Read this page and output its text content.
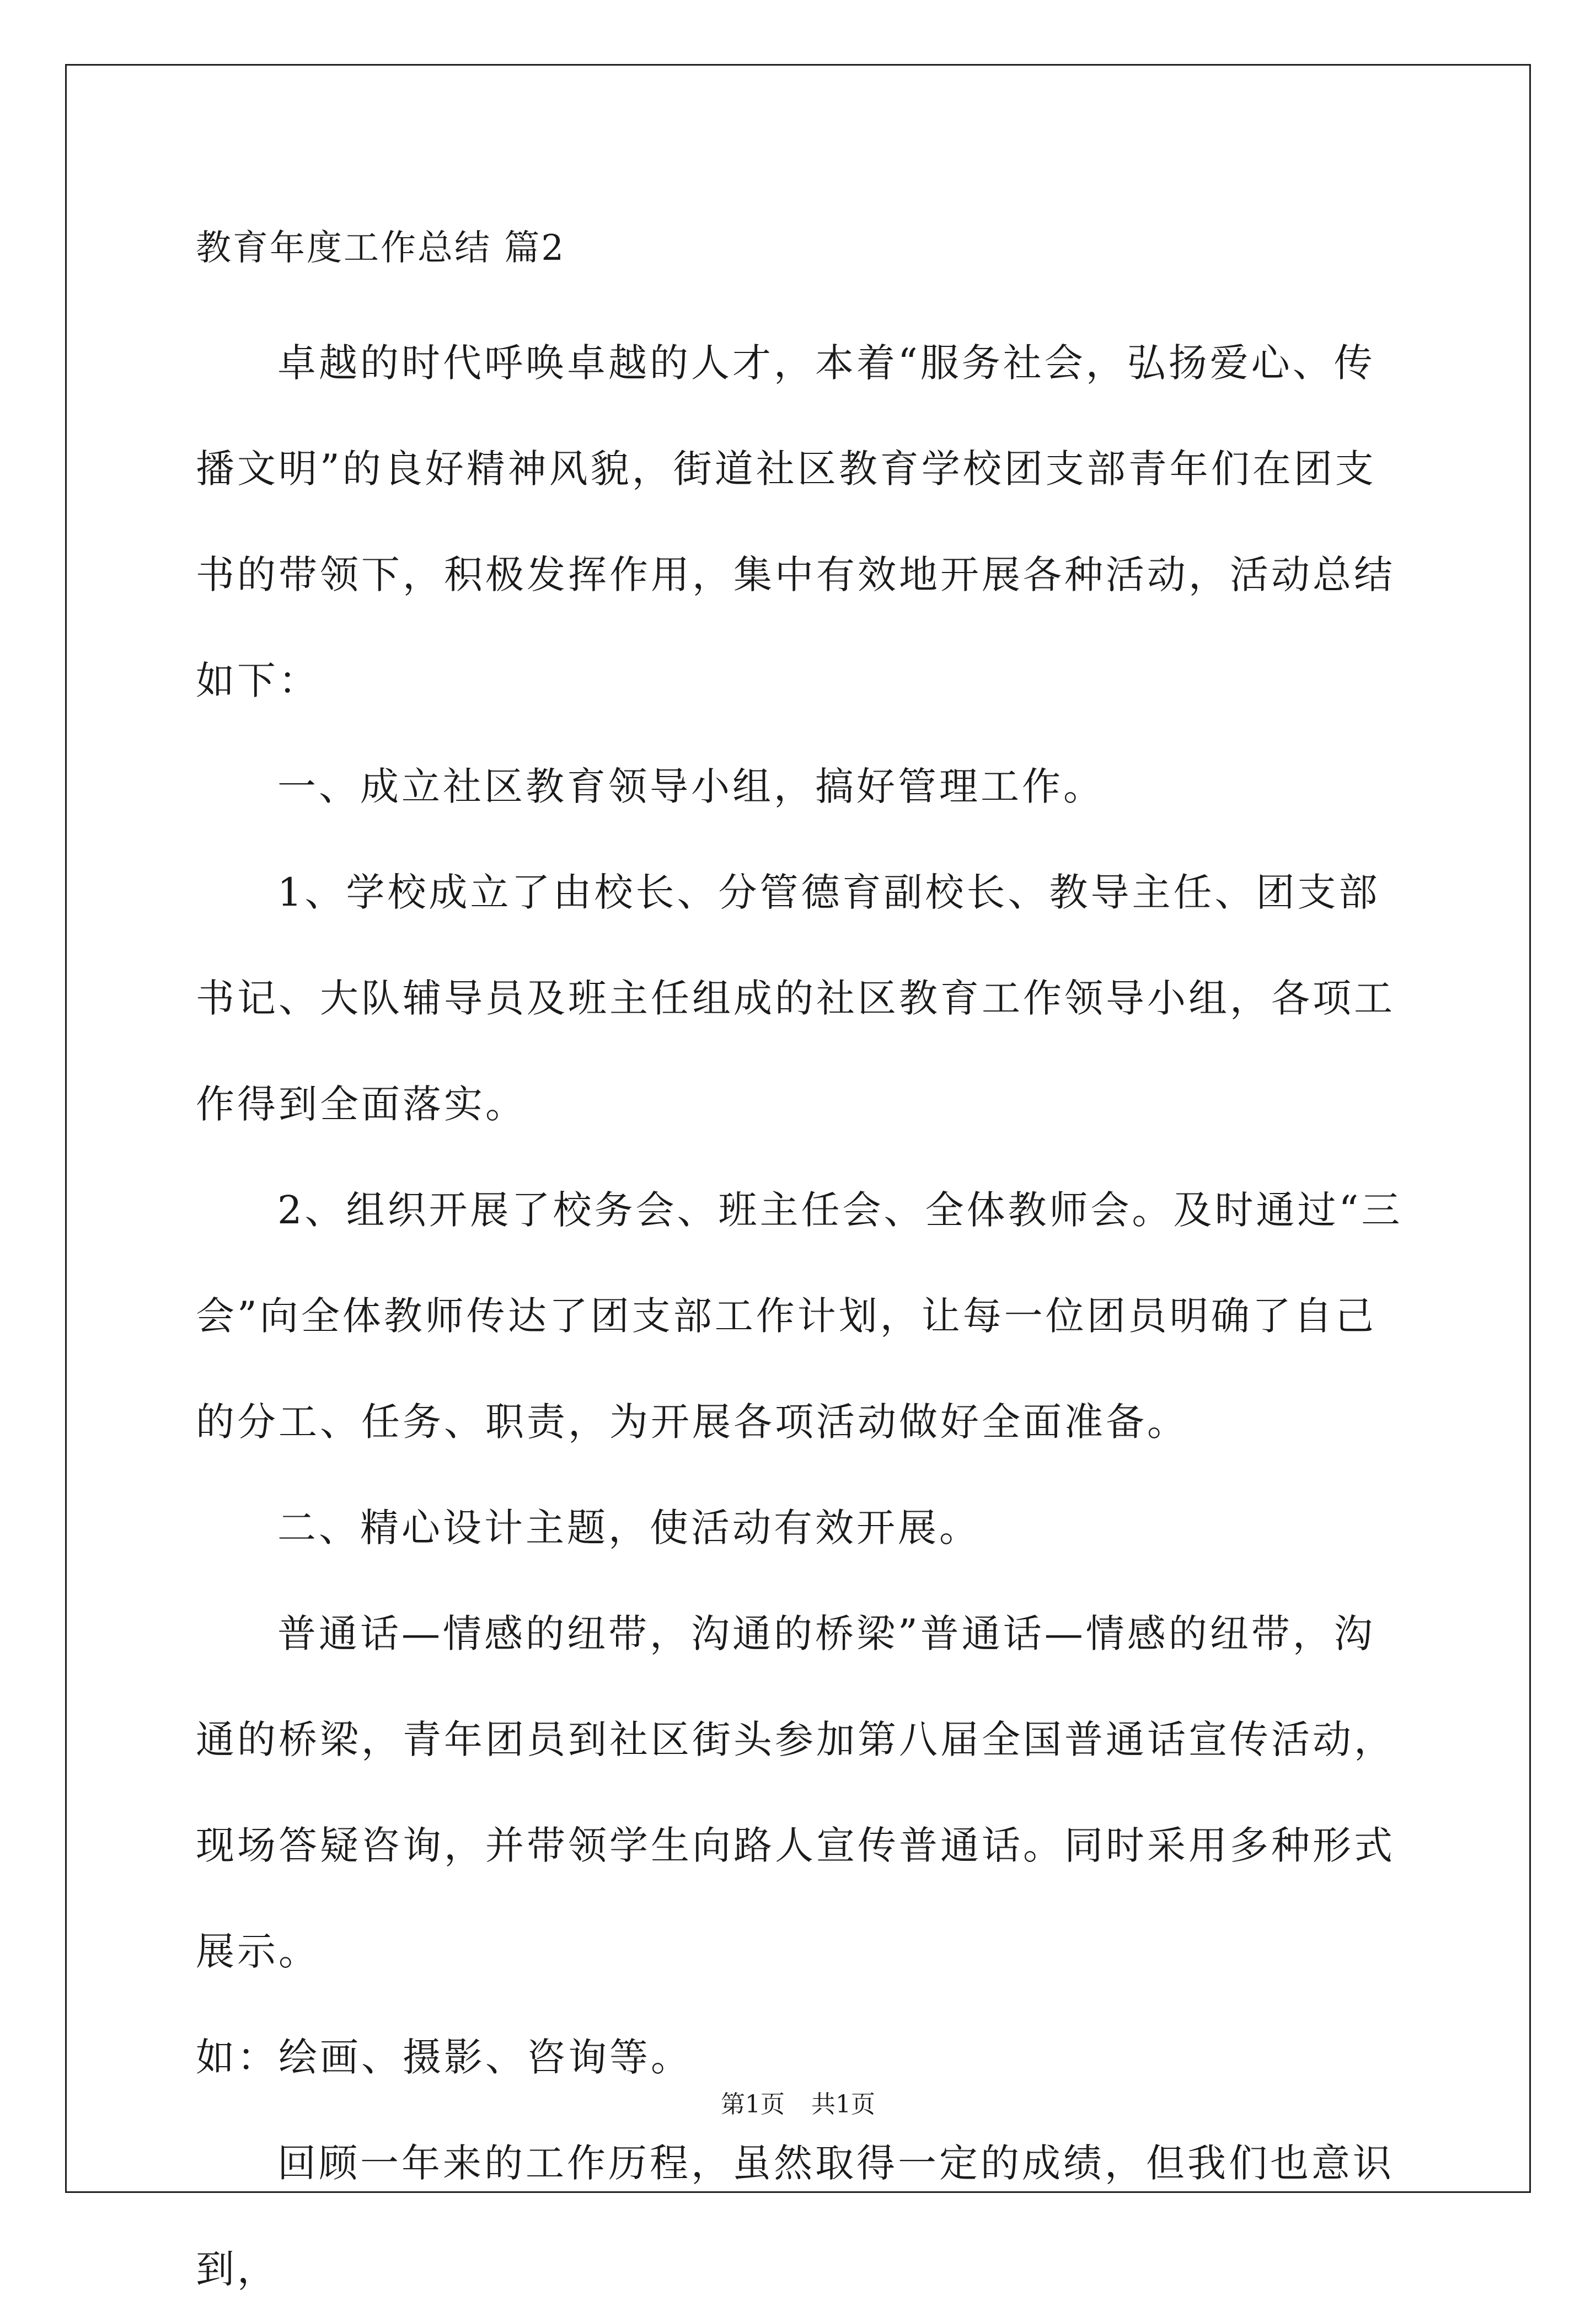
教育年度工作总结 篇2

卓越的时代呼唤卓越的人才，本着“服务社会，弘扬爱心、传播文明”的良好精神风貌，街道社区教育学校团支部青年们在团支书的带领下，积极发挥作用，集中有效地开展各种活动，活动总结如下：

一、成立社区教育领导小组，搞好管理工作。

1、学校成立了由校长、分管德育副校长、教导主任、团支部书记、大队辅导员及班主任组成的社区教育工作领导小组，各项工作得到全面落实。

2、组织开展了校务会、班主任会、全体教师会。及时通过“三会”向全体教师传达了团支部工作计划，让每一位团员明确了自己的分工、任务、职责，为开展各项活动做好全面准备。

二、精心设计主题，使活动有效开展。

普通话—情感的纽带，沟通的桥梁”普通话—情感的纽带，沟通的桥梁，青年团员到社区街头参加第八届全国普通话宣传活动，现场答疑咨询，并带领学生向路人宣传普通话。同时采用多种形式展示。

如：绘画、摄影、咨询等。

回顾一年来的工作历程，虽然取得一定的成绩，但我们也意识到，

第1页 共1页
